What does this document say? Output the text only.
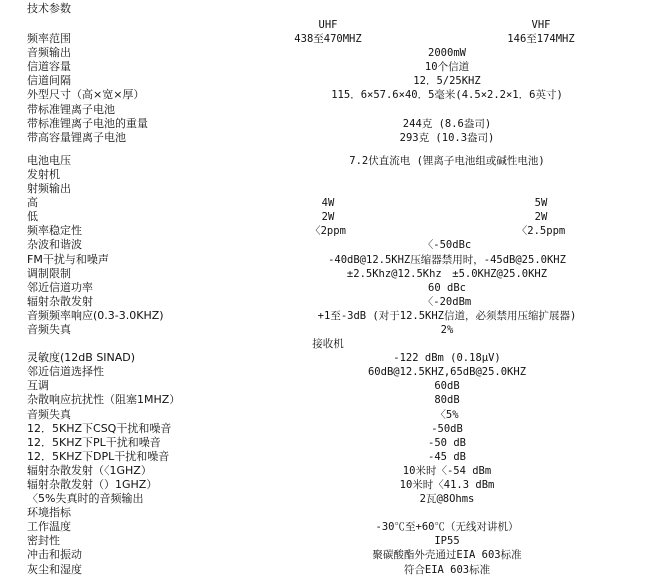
技术参数
UHF	VHF
频率范围	438至470MHZ	146至174MHZ
音频输出	2000mW
信道容量	10个信道
信道间隔	12．5/25KHZ
外型尺寸（高×宽×厚）	115．6×57.6×40．5毫米(4.5×2.2×1．6英寸)
带标准锂离子电池
带标准锂离子电池的重量	244克 (8.6盎司)
带高容量锂离子电池	293克 (10.3盎司)
电池电压	7.2伏直流电 (锂离子电池组或碱性电池)
发射机
射频输出
高	4W	5W
低	2W	2W
频率稳定性	〈2ppm	〈2.5ppm
杂波和谐波	〈-50dBc
FM干扰与和噪声	-40dB@12.5KHZ压缩器禁用时，-45dB@25.0KHZ
调制限制	±2.5Khz@12.5Khz　±5.0KHZ@25.0KHZ
邻近信道功率	60 dBc
辐射杂散发射	〈-20dBm
音频频率响应(0.3-3.0KHZ)	+1至-3dB (对于12.5KHZ信道，必须禁用压缩扩展器)
音频失真	2%
接收机
灵敏度(12dB SINAD)	-122 dBm (0.18μV)
邻近信道选择性	60dB@12.5KHZ,65dB@25.0KHZ
互调	60dB
杂散响应抗扰性（阻塞1MHZ）	80dB
音频失真	〈5%
12．5KHZ下CSQ干扰和噪音	-50dB
12．5KHZ下PL干扰和噪音	-50 dB
12．5KHZ下DPL干扰和噪音	-45 dB
辐射杂散发射（〈1GHZ）	10米时〈-54 dBm
辐射杂散发射（）1GHZ）	10米时〈41.3 dBm
〈5%失真时的音频输出	2瓦@8Ohms
环境指标
工作温度	-30℃至+60℃（无线对讲机）
密封性	IP55
冲击和振动	聚碳酸酯外壳通过EIA 603标准
灰尘和湿度	符合EIA 603标准
